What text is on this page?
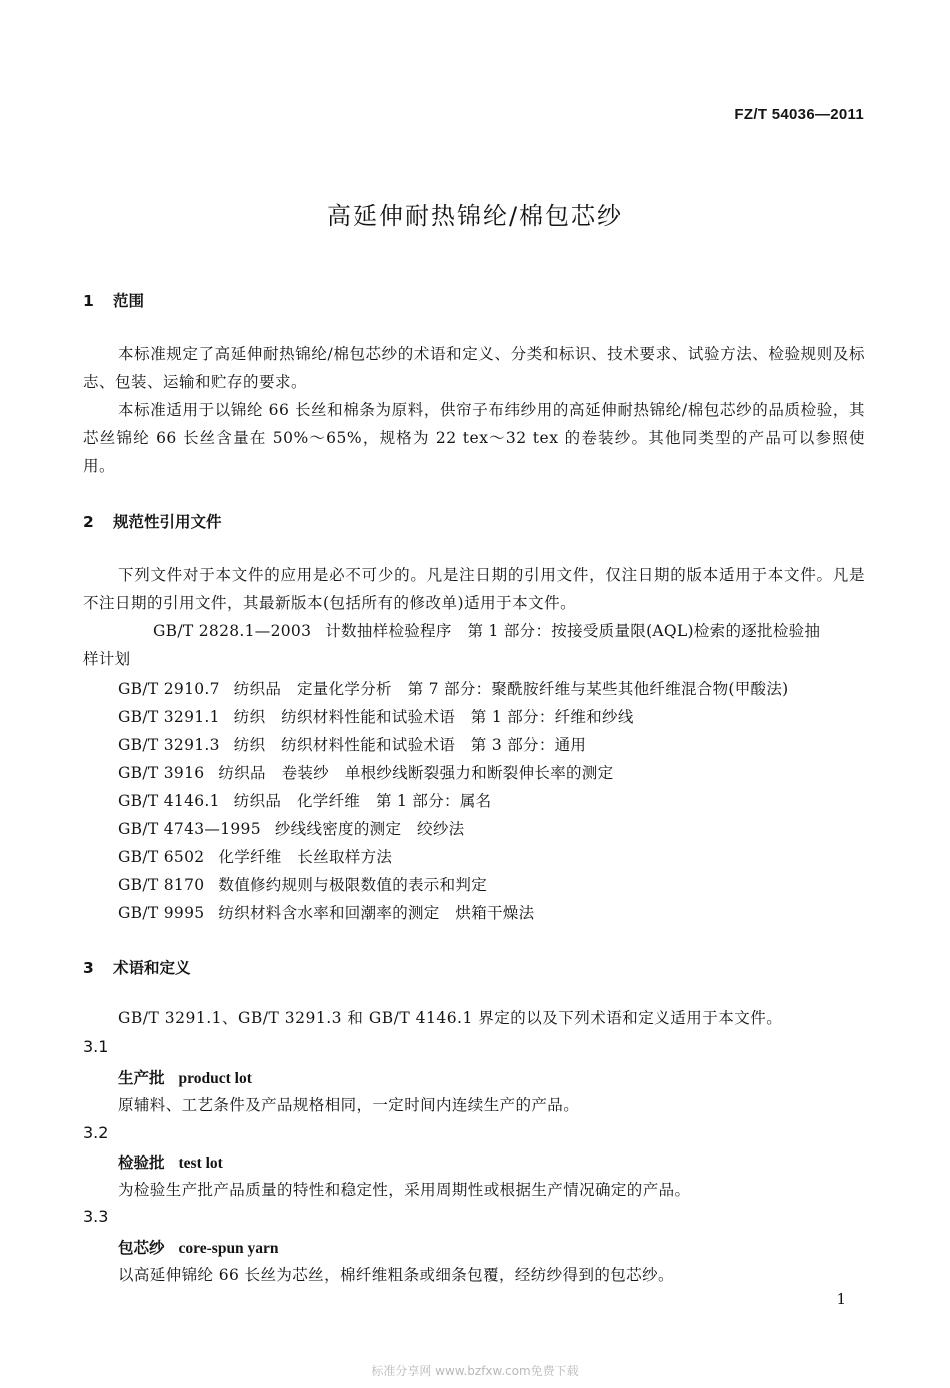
FZ/T 54036—2011
高延伸耐热锦纶/棉包芯纱
1 范围
本标准规定了高延伸耐热锦纶/棉包芯纱的术语和定义、分类和标识、技术要求、试验方法、检验规则及标志、包装、运输和贮存的要求。
本标准适用于以锦纶 66 长丝和棉条为原料，供帘子布纬纱用的高延伸耐热锦纶/棉包芯纱的品质检验，其芯丝锦纶 66 长丝含量在 50%～65%，规格为 22 tex～32 tex 的卷装纱。其他同类型的产品可以参照使用。
2 规范性引用文件
下列文件对于本文件的应用是必不可少的。凡是注日期的引用文件，仅注日期的版本适用于本文件。凡是不注日期的引用文件，其最新版本(包括所有的修改单)适用于本文件。
GB/T 2828.1—2003 计数抽样检验程序　第 1 部分：按接受质量限(AQL)检索的逐批检验抽样计划
GB/T 2910.7 纺织品　定量化学分析　第 7 部分：聚酰胺纤维与某些其他纤维混合物(甲酸法)
GB/T 3291.1 纺织　纺织材料性能和试验术语　第 1 部分：纤维和纱线
GB/T 3291.3 纺织　纺织材料性能和试验术语　第 3 部分：通用
GB/T 3916 纺织品　卷装纱　单根纱线断裂强力和断裂伸长率的测定
GB/T 4146.1 纺织品　化学纤维　第 1 部分：属名
GB/T 4743—1995 纱线线密度的测定　绞纱法
GB/T 6502 化学纤维　长丝取样方法
GB/T 8170 数值修约规则与极限数值的表示和判定
GB/T 9995 纺织材料含水率和回潮率的测定　烘箱干燥法
3 术语和定义
GB/T 3291.1、GB/T 3291.3 和 GB/T 4146.1 界定的以及下列术语和定义适用于本文件。
3.1
生产批 product lot
原辅料、工艺条件及产品规格相同，一定时间内连续生产的产品。
3.2
检验批 test lot
为检验生产批产品质量的特性和稳定性，采用周期性或根据生产情况确定的产品。
3.3
包芯纱 core-spun yarn
以高延伸锦纶 66 长丝为芯丝，棉纤维粗条或细条包覆，经纺纱得到的包芯纱。
1
标准分享网 www.bzfxw.com免费下载
